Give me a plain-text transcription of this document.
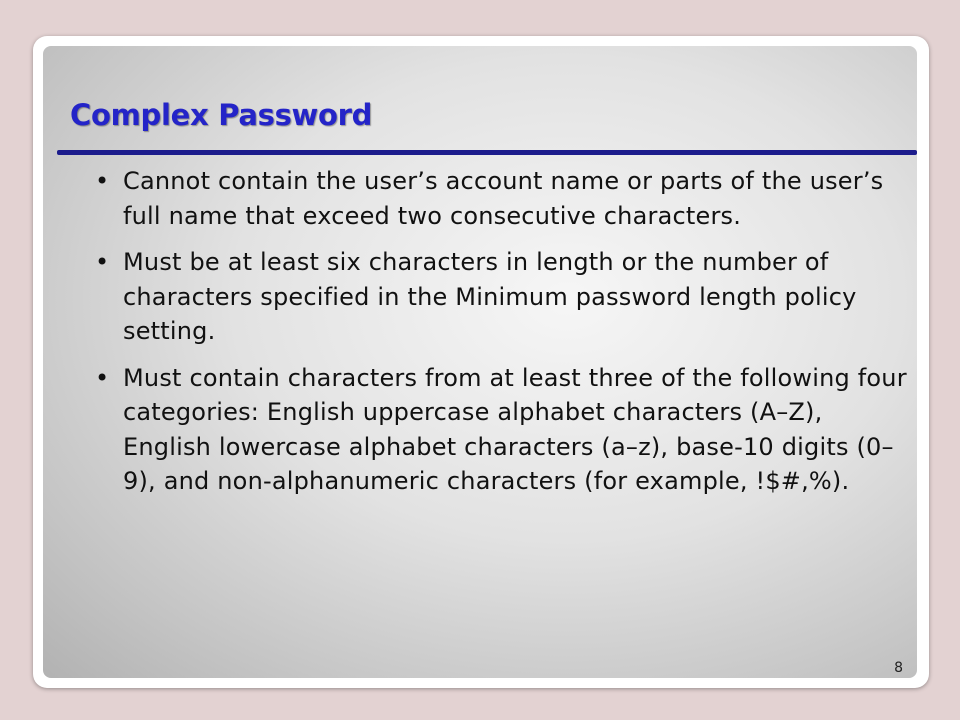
Complex Password
• Cannot contain the user’s account name or parts of the user’s full name that exceed two consecutive characters.
• Must be at least six characters in length or the number of characters specified in the Minimum password length policy setting.
• Must contain characters from at least three of the following four categories: English uppercase alphabet characters (A–Z), English lowercase alphabet characters (a–z), base-10 digits (0–9), and non-alphanumeric characters (for example, !$#,%).
8
